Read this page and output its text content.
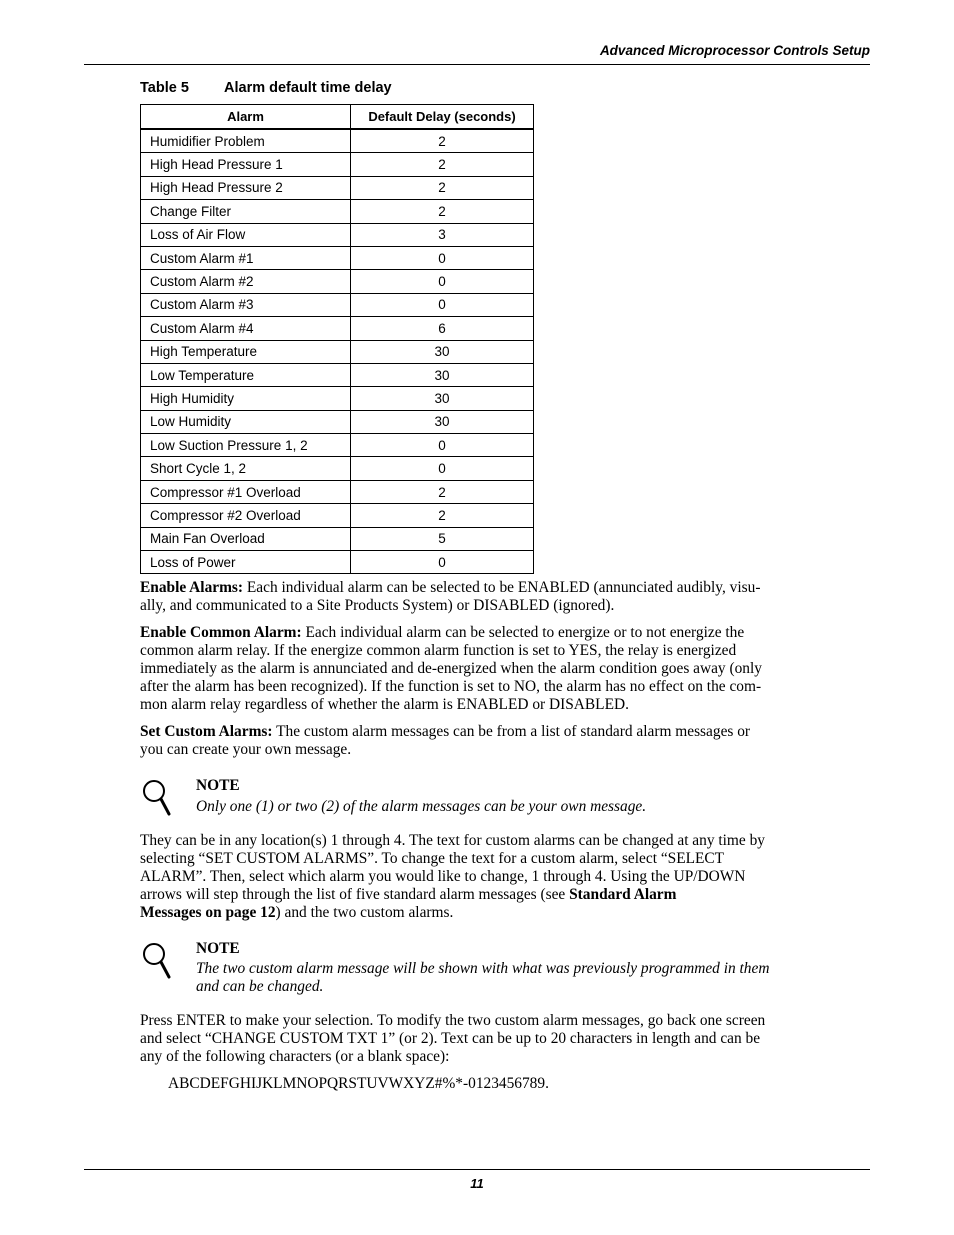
Advanced Microprocessor Controls Setup
Table 5 Alarm default time delay
Alarm	Default Delay (seconds)
Humidifier Problem	2
High Head Pressure 1	2
High Head Pressure 2	2
Change Filter	2
Loss of Air Flow	3
Custom Alarm #1	0
Custom Alarm #2	0
Custom Alarm #3	0
Custom Alarm #4	6
High Temperature	30
Low Temperature	30
High Humidity	30
Low Humidity	30
Low Suction Pressure 1, 2	0
Short Cycle 1, 2	0
Compressor #1 Overload	2
Compressor #2 Overload	2
Main Fan Overload	5
Loss of Power	0
Enable Alarms: Each individual alarm can be selected to be ENABLED (annunciated audibly, visu-
ally, and communicated to a Site Products System) or DISABLED (ignored).
Enable Common Alarm: Each individual alarm can be selected to energize or to not energize the
common alarm relay. If the energize common alarm function is set to YES, the relay is energized
immediately as the alarm is annunciated and de-energized when the alarm condition goes away (only
after the alarm has been recognized). If the function is set to NO, the alarm has no effect on the com-
mon alarm relay regardless of whether the alarm is ENABLED or DISABLED.
Set Custom Alarms: The custom alarm messages can be from a list of standard alarm messages or
you can create your own message.
NOTE
Only one (1) or two (2) of the alarm messages can be your own message.
They can be in any location(s) 1 through 4. The text for custom alarms can be changed at any time by
selecting “SET CUSTOM ALARMS”. To change the text for a custom alarm, select “SELECT
ALARM”. Then, select which alarm you would like to change, 1 through 4. Using the UP/DOWN
arrows will step through the list of five standard alarm messages (see Standard Alarm
Messages on page 12) and the two custom alarms.
NOTE
The two custom alarm message will be shown with what was previously programmed in them
and can be changed.
Press ENTER to make your selection. To modify the two custom alarm messages, go back one screen
and select “CHANGE CUSTOM TXT 1” (or 2). Text can be up to 20 characters in length and can be
any of the following characters (or a blank space):
ABCDEFGHIJKLMNOPQRSTUVWXYZ#%*-0123456789.
11
